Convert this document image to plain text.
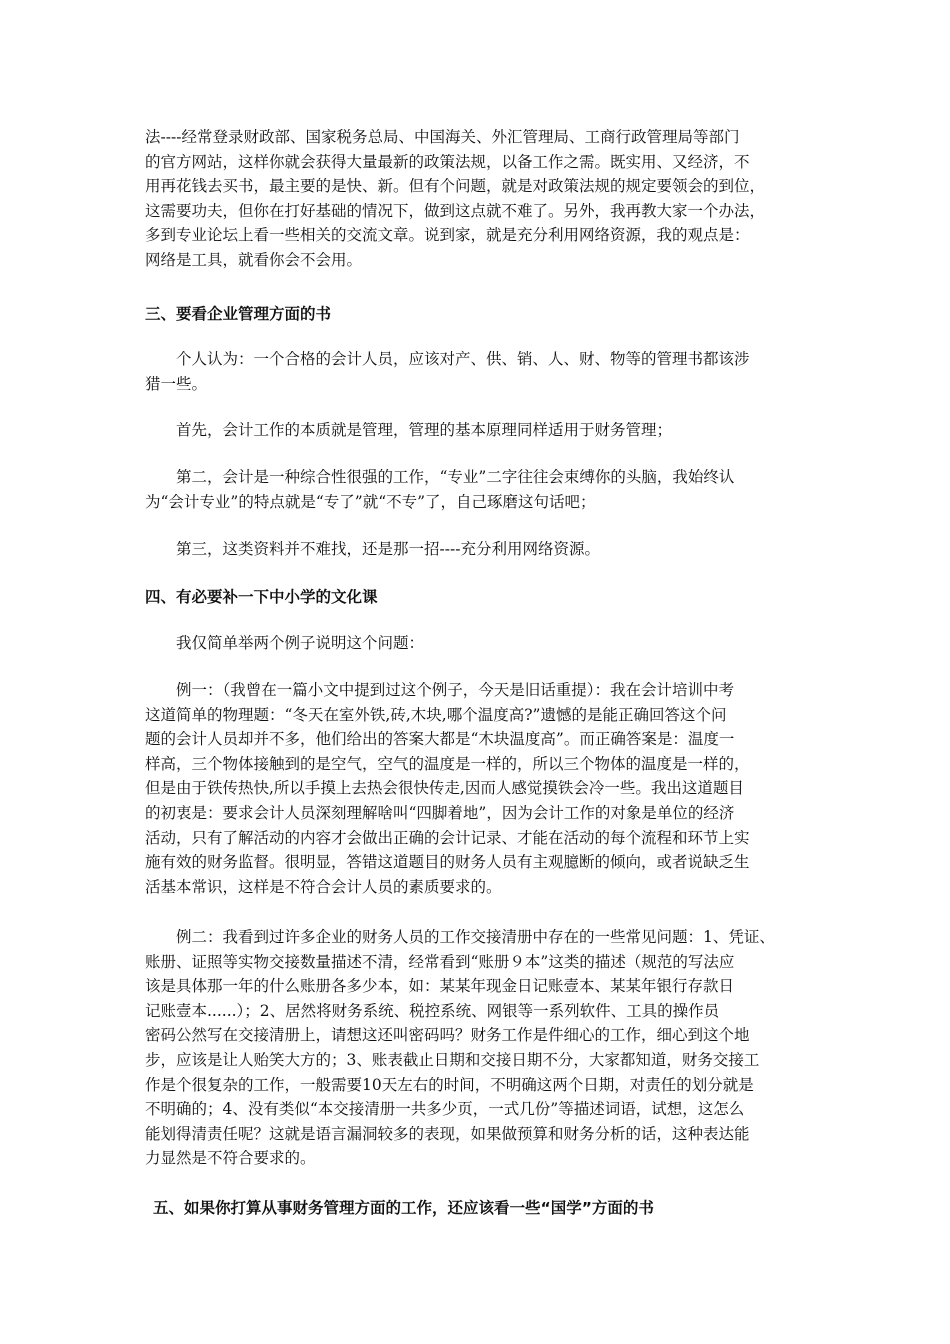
法----经常登录财政部、国家税务总局、中国海关、外汇管理局、工商行政管理局等部门
的官方网站，这样你就会获得大量最新的政策法规，以备工作之需。既实用、又经济，不
用再花钱去买书，最主要的是快、新。但有个问题，就是对政策法规的规定要领会的到位，
这需要功夫，但你在打好基础的情况下，做到这点就不难了。另外，我再教大家一个办法，
多到专业论坛上看一些相关的交流文章。说到家，就是充分利用网络资源，我的观点是：
网络是工具，就看你会不会用。

三、要看企业管理方面的书

个人认为：一个合格的会计人员，应该对产、供、销、人、财、物等的管理书都该涉
猎一些。

首先，会计工作的本质就是管理，管理的基本原理同样适用于财务管理；

第二，会计是一种综合性很强的工作，“专业”二字往往会束缚你的头脑，我始终认
为“会计专业”的特点就是“专了”就“不专”了，自己琢磨这句话吧；

第三，这类资料并不难找，还是那一招----充分利用网络资源。

四、有必要补一下中小学的文化课

我仅简单举两个例子说明这个问题：

例一：（我曾在一篇小文中提到过这个例子，今天是旧话重提）：我在会计培训中考
这道简单的物理题：“冬天在室外铁,砖,木块,哪个温度高?”遗憾的是能正确回答这个问
题的会计人员却并不多，他们给出的答案大都是“木块温度高”。而正确答案是：温度一
样高，三个物体接触到的是空气，空气的温度是一样的，所以三个物体的温度是一样的，
但是由于铁传热快,所以手摸上去热会很快传走,因而人感觉摸铁会冷一些。我出这道题目
的初衷是：要求会计人员深刻理解啥叫“四脚着地”，因为会计工作的对象是单位的经济
活动，只有了解活动的内容才会做出正确的会计记录、才能在活动的每个流程和环节上实
施有效的财务监督。很明显，答错这道题目的财务人员有主观臆断的倾向，或者说缺乏生
活基本常识，这样是不符合会计人员的素质要求的。

例二：我看到过许多企业的财务人员的工作交接清册中存在的一些常见问题：1、凭证、
账册、证照等实物交接数量描述不清，经常看到“账册９本”这类的描述（规范的写法应
该是具体那一年的什么账册各多少本，如：某某年现金日记账壹本、某某年银行存款日
记账壹本......）；2、居然将财务系统、税控系统、网银等一系列软件、工具的操作员
密码公然写在交接清册上，请想这还叫密码吗？财务工作是件细心的工作，细心到这个地
步，应该是让人贻笑大方的；3、账表截止日期和交接日期不分，大家都知道，财务交接工
作是个很复杂的工作，一般需要10天左右的时间，不明确这两个日期，对责任的划分就是
不明确的；4、没有类似“本交接清册一共多少页，一式几份”等描述词语，试想，这怎么
能划得清责任呢？这就是语言漏洞较多的表现，如果做预算和财务分析的话，这种表达能
力显然是不符合要求的。

五、如果你打算从事财务管理方面的工作，还应该看一些“国学”方面的书
